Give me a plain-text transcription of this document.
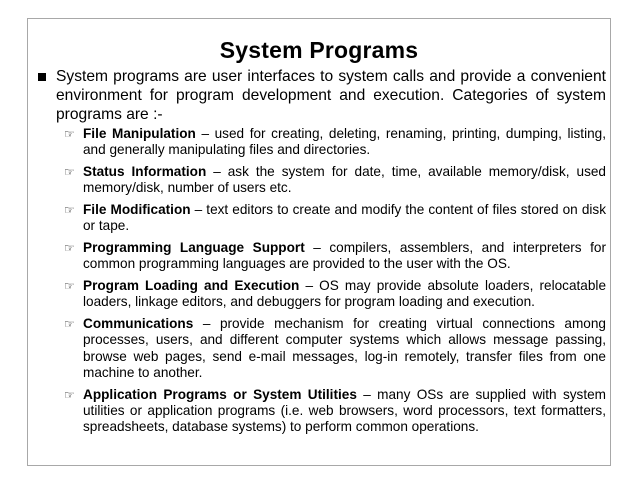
System Programs

System programs are user interfaces to system calls and provide a convenient environment for program development and execution. Categories of system programs are :-

☞ File Manipulation – used for creating, deleting, renaming, printing, dumping, listing, and generally manipulating files and directories.
☞ Status Information – ask the system for date, time, available memory/disk, used memory/disk, number of users etc.
☞ File Modification – text editors to create and modify the content of files stored on disk or tape.
☞ Programming Language Support – compilers, assemblers, and interpreters for common programming languages are provided to the user with the OS.
☞ Program Loading and Execution – OS may provide absolute loaders, relocatable loaders, linkage editors, and debuggers for program loading and execution.
☞ Communications – provide mechanism for creating virtual connections among processes, users, and different computer systems which allows message passing, browse web pages, send e-mail messages, log-in remotely, transfer files from one machine to another.
☞ Application Programs or System Utilities – many OSs are supplied with system utilities or application programs (i.e. web browsers, word processors, text formatters, spreadsheets, database systems) to perform common operations.
